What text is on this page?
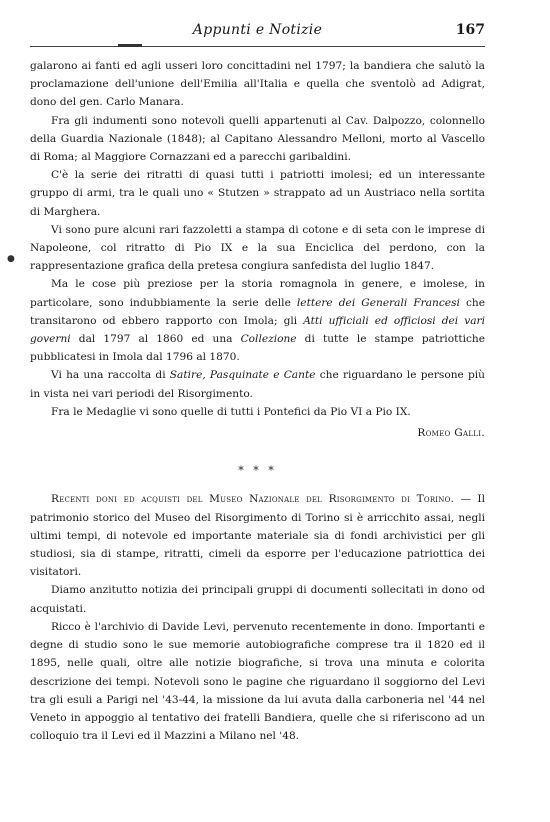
Appunti e Notizie	167
●

galarono ai fanti ed agli usseri loro concittadini nel 1797; la bandiera che salutò la proclamazione dell'unione dell'Emilia all'Italia e quella che sventolò ad Adigrat, dono del gen. Carlo Manara.

Fra gli indumenti sono notevoli quelli appartenuti al Cav. Dalpozzo, colonnello della Guardia Nazionale (1848); al Capitano Alessandro Melloni, morto al Vascello di Roma; al Maggiore Cornazzani ed a parecchi garibaldini.

C'è la serie dei ritratti di quasi tutti i patriotti imolesi; ed un interessante gruppo di armi, tra le quali uno « Stutzen » strappato ad un Austriaco nella sortita di Marghera.

Vi sono pure alcuni rari fazzoletti a stampa di cotone e di seta con le imprese di Napoleone, col ritratto di Pio IX e la sua Enciclica del perdono, con la rappresentazione grafica della pretesa congiura sanfedista del luglio 1847.

Ma le cose più preziose per la storia romagnola in genere, e imolese, in particolare, sono indubbiamente la serie delle lettere dei Generali Francesi che transitarono od ebbero rapporto con Imola; gli Atti ufficiali ed officiosi dei vari governi dal 1797 al 1860 ed una Collezione di tutte le stampe patriottiche pubblicatesi in Imola dal 1796 al 1870.

Vi ha una raccolta di Satire, Pasquinate e Cante che riguardano le persone più in vista nei vari periodi del Risorgimento.

Fra le Medaglie vi sono quelle di tutti i Pontefici da Pio VI a Pio IX.

Romeo Galli.
* * *

Recenti doni ed acquisti del Museo Nazionale del Risorgimento di Torino. — Il patrimonio storico del Museo del Risorgimento di Torino si è arricchito assai, negli ultimi tempi, di notevole ed importante materiale sia di fondi archivistici per gli studiosi, sia di stampe, ritratti, cimeli da esporre per l'educazione patriottica dei visitatori.

Diamo anzitutto notizia dei principali gruppi di documenti sollecitati in dono od acquistati.

Ricco è l'archivio di Davide Levi, pervenuto recentemente in dono. Importanti e degne di studio sono le sue memorie autobiografiche comprese tra il 1820 ed il 1895, nelle quali, oltre alle notizie biografiche, si trova una minuta e colorita descrizione dei tempi. Notevoli sono le pagine che riguardano il soggiorno del Levi tra gli esuli a Parigi nel '43-44, la missione da lui avuta dalla carboneria nel '44 nel Veneto in appoggio al tentativo dei fratelli Bandiera, quelle che si riferiscono ad un colloquio tra il Levi ed il Mazzini a Milano nel '48.
